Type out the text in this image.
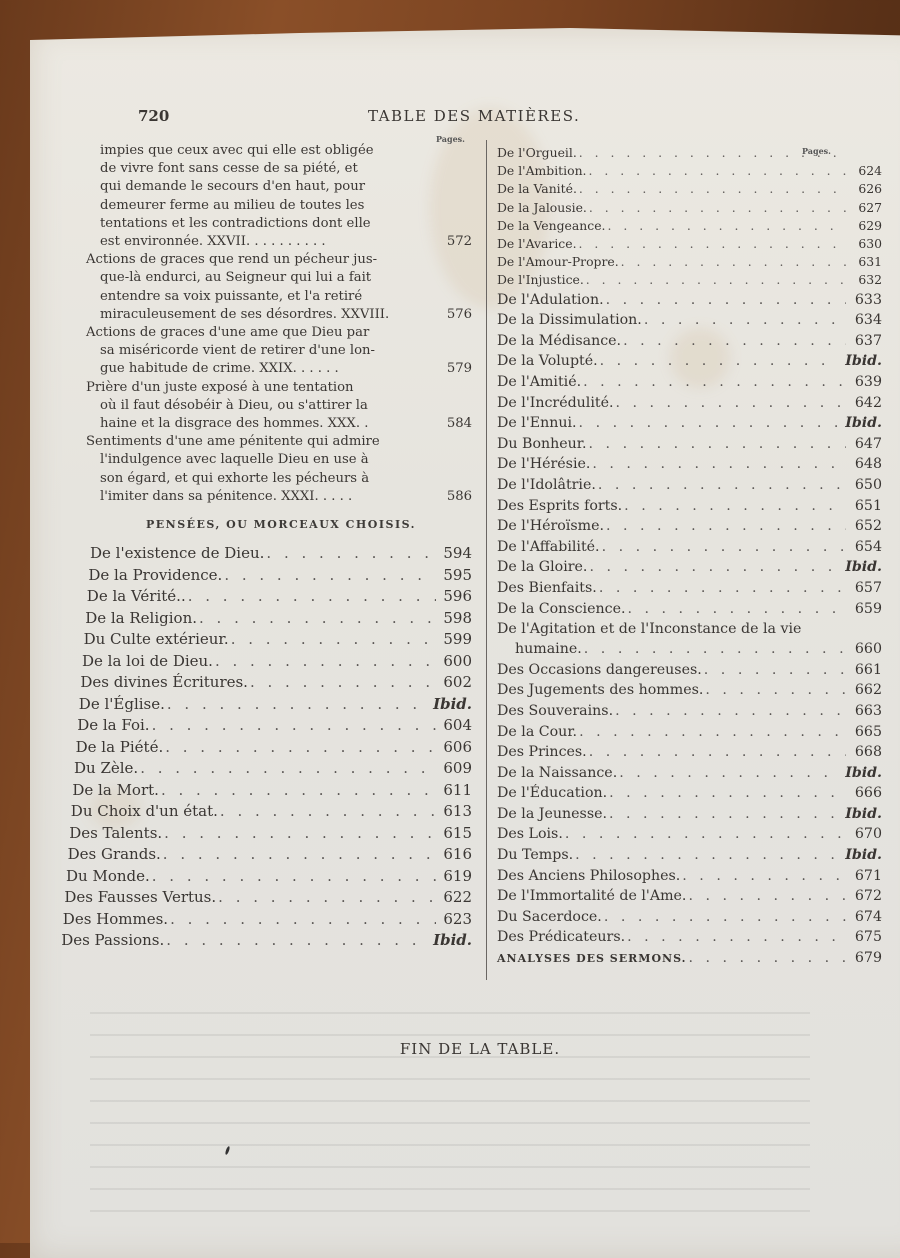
720	TABLE DES MATIÈRES.
Pages.
Pages.
impies que ceux avec qui elle est obligée
de vivre font sans cesse de sa piété, et
qui demande le secours d'en haut, pour
demeurer ferme au milieu de toutes les
tentations et les contradictions dont elle
est environnée. XXVII. . . . . . . . . .	572
Actions de graces que rend un pécheur jus-
que-là endurci, au Seigneur qui lui a fait
entendre sa voix puissante, et l'a retiré
miraculeusement de ses désordres. XXVIII.	576
Actions de graces d'une ame que Dieu par
sa miséricorde vient de retirer d'une lon-
gue habitude de crime. XXIX. . . . . .	579
Prière d'un juste exposé à une tentation
où il faut désobéir à Dieu, ou s'attirer la
haine et la disgrace des hommes. XXX. .	584
Sentiments d'une ame pénitente qui admire
l'indulgence avec laquelle Dieu en use à
son égard, et qui exhorte les pécheurs à
l'imiter dans sa pénitence. XXXI. . . . .	586
PENSÉES, OU MORCEAUX CHOISIS.
De l'existence de Dieu. . . .	594
De la Providence. . . .	595
De la Vérité.. . . .	596
De la Religion. . . .	598
Du Culte extérieur. . . .	599
De la loi de Dieu. . . .	600
Des divines Écritures. . . .	602
De l'Église. . . .	Ibid.
De la Foi. . . .	604
De la Piété. . . .	606
Du Zèle. . . .	609
De la Mort. . . .	611
Du Choix d'un état. . . .	613
Des Talents. . . .	615
Des Grands. . . .	616
Du Monde. . . .	619
Des Fausses Vertus. . . .	622
Des Hommes. . . .	623
Des Passions. . . .	Ibid.
De l'Orgueil.
. . .
De l'Ambition. . . .	624
De la Vanité. . . .	626
De la Jalousie. . . .	627
De la Vengeance. . . .	629
De l'Avarice. . . .	630
De l'Amour-Propre. . . .	631
De l'Injustice. . . .	632
De l'Adulation. . . .	633
De la Dissimulation. . . .	634
De la Médisance. . . .	637
De la Volupté. . . .	Ibid.
De l'Amitié. . . .	639
De l'Incrédulité. . . .	642
De l'Ennui. . . .	Ibid.
Du Bonheur. . . .	647
De l'Hérésie. . . .	648
De l'Idolâtrie. . . .	650
Des Esprits forts. . . .	651
De l'Héroïsme. . . .	652
De l'Affabilité. . . .	654
De la Gloire. . . .	Ibid.
Des Bienfaits. . . .	657
De la Conscience. . . .	659
De l'Agitation et de l'Inconstance de la vie
humaine. . . .	660
Des Occasions dangereuses. . . .	661
Des Jugements des hommes. . . .	662
Des Souverains. . . .	663
De la Cour. . . .	665
Des Princes. . . .	668
De la Naissance. . . .	Ibid.
De l'Éducation. . . .	666
De la Jeunesse. . . .	Ibid.
Des Lois. . . .	670
Du Temps. . . .	Ibid.
Des Anciens Philosophes. . . .	671
De l'Immortalité de l'Ame. . . .	672
Du Sacerdoce. . . .	674
Des Prédicateurs. . . .	675
ANALYSES DES SERMONS. . . .	679
FIN DE LA TABLE.
